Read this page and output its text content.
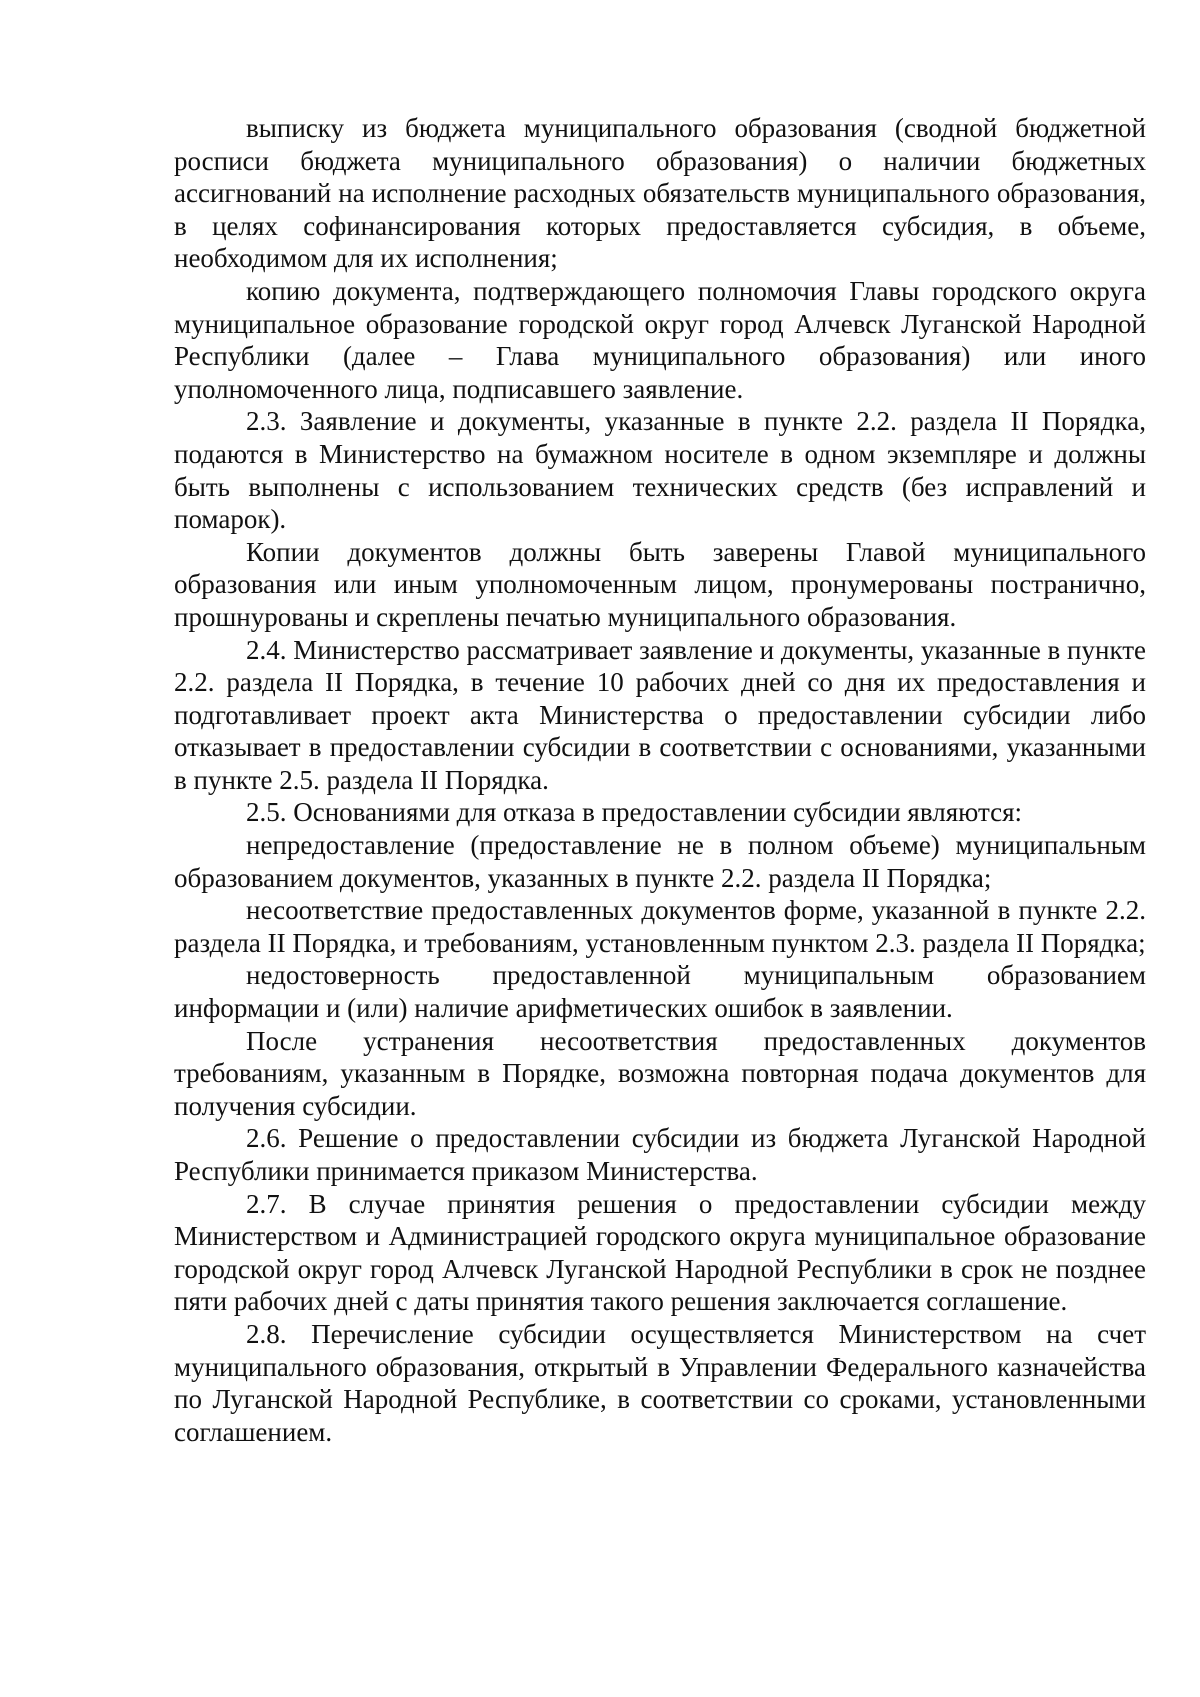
выписку из бюджета муниципального образования (сводной бюджетной росписи бюджета муниципального образования) о наличии бюджетных ассигнований на исполнение расходных обязательств муниципального образования, в целях софинансирования которых предоставляется субсидия, в объеме, необходимом для их исполнения;

копию документа, подтверждающего полномочия Главы городского округа муниципальное образование городской округ город Алчевск Луганской Народной Республики (далее – Глава муниципального образования) или иного уполномоченного лица, подписавшего заявление.

2.3. Заявление и документы, указанные в пункте 2.2. раздела II Порядка, подаются в Министерство на бумажном носителе в одном экземпляре и должны быть выполнены с использованием технических средств (без исправлений и помарок).

Копии документов должны быть заверены Главой муниципального образования или иным уполномоченным лицом, пронумерованы постранично, прошнурованы и скреплены печатью муниципального образования.

2.4. Министерство рассматривает заявление и документы, указанные в пункте 2.2. раздела II Порядка, в течение 10 рабочих дней со дня их предоставления и подготавливает проект акта Министерства о предоставлении субсидии либо отказывает в предоставлении субсидии в соответствии с основаниями, указанными в пункте 2.5. раздела II Порядка.

2.5. Основаниями для отказа в предоставлении субсидии являются:

непредоставление (предоставление не в полном объеме) муниципальным образованием документов, указанных в пункте 2.2. раздела II Порядка;

несоответствие предоставленных документов форме, указанной в пункте 2.2. раздела II Порядка, и требованиям, установленным пунктом 2.3. раздела II Порядка;

недостоверность предоставленной муниципальным образованием информации и (или) наличие арифметических ошибок в заявлении.

После устранения несоответствия предоставленных документов требованиям, указанным в Порядке, возможна повторная подача документов для получения субсидии.

2.6. Решение о предоставлении субсидии из бюджета Луганской Народной Республики принимается приказом Министерства.

2.7. В случае принятия решения о предоставлении субсидии между Министерством и Администрацией городского округа муниципальное образование городской округ город Алчевск Луганской Народной Республики в срок не позднее пяти рабочих дней с даты принятия такого решения заключается соглашение.

2.8. Перечисление субсидии осуществляется Министерством на счет муниципального образования, открытый в Управлении Федерального казначейства по Луганской Народной Республике, в соответствии со сроками, установленными соглашением.
